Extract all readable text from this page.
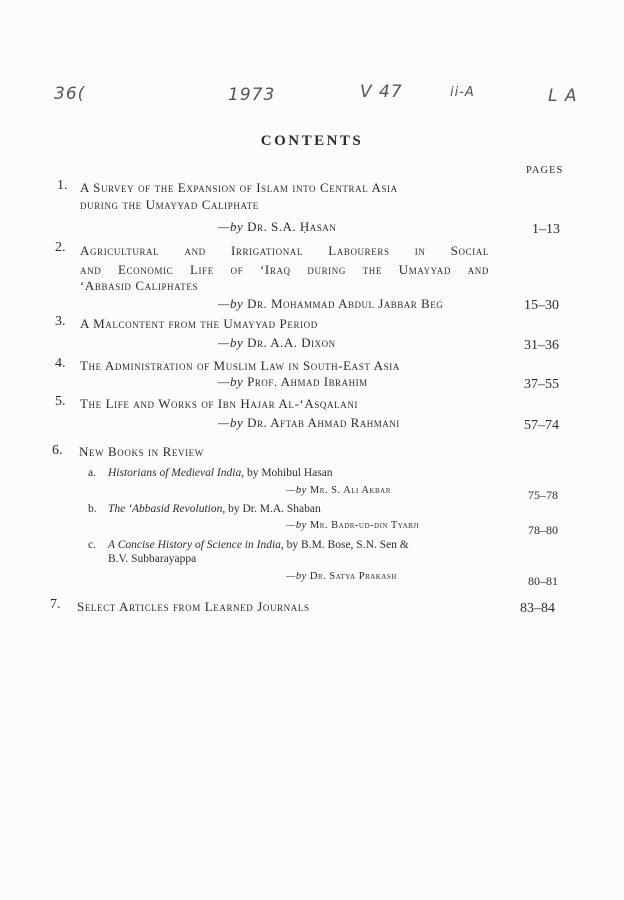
36(	1973	V 47	ii-A	L A
CONTENTS
PAGES
1. A Survey of the Expansion of Islam into Central Asia
during the Umayyad Caliphate
—by Dr. S.A. Ḥasan	1–13
2. Agricultural and Irrigational Labourers in Social
and Economic Life of ‘Iraq during the Umayyad and
‘Abbasid Caliphates
—by Dr. Mohammad Abdul Jabbar Beg	15–30
3. A Malcontent from the Umayyad Period
—by Dr. A.A. Dixon	31–36
4. The Administration of Muslim Law in South-East Asia
—by Prof. Ahmad Ibrahim	37–55
5. The Life and Works of Ibn Hajar Al-‘Asqalani
—by Dr. Aftab Ahmad Rahmani	57–74
6. New Books in Review
a. Historians of Medieval India, by Mohibul Hasan
—by Mr. S. Ali Akbar	75–78
b. The ‘Abbasid Revolution, by Dr. M.A. Shaban
—by Mr. Badr-ud-din Tyabji	78–80
c. A Concise History of Science in India, by B.M. Bose, S.N. Sen &
B.V. Subbarayappa
—by Dr. Satya Prakash	80–81
7. Select Articles from Learned Journals	83–84
